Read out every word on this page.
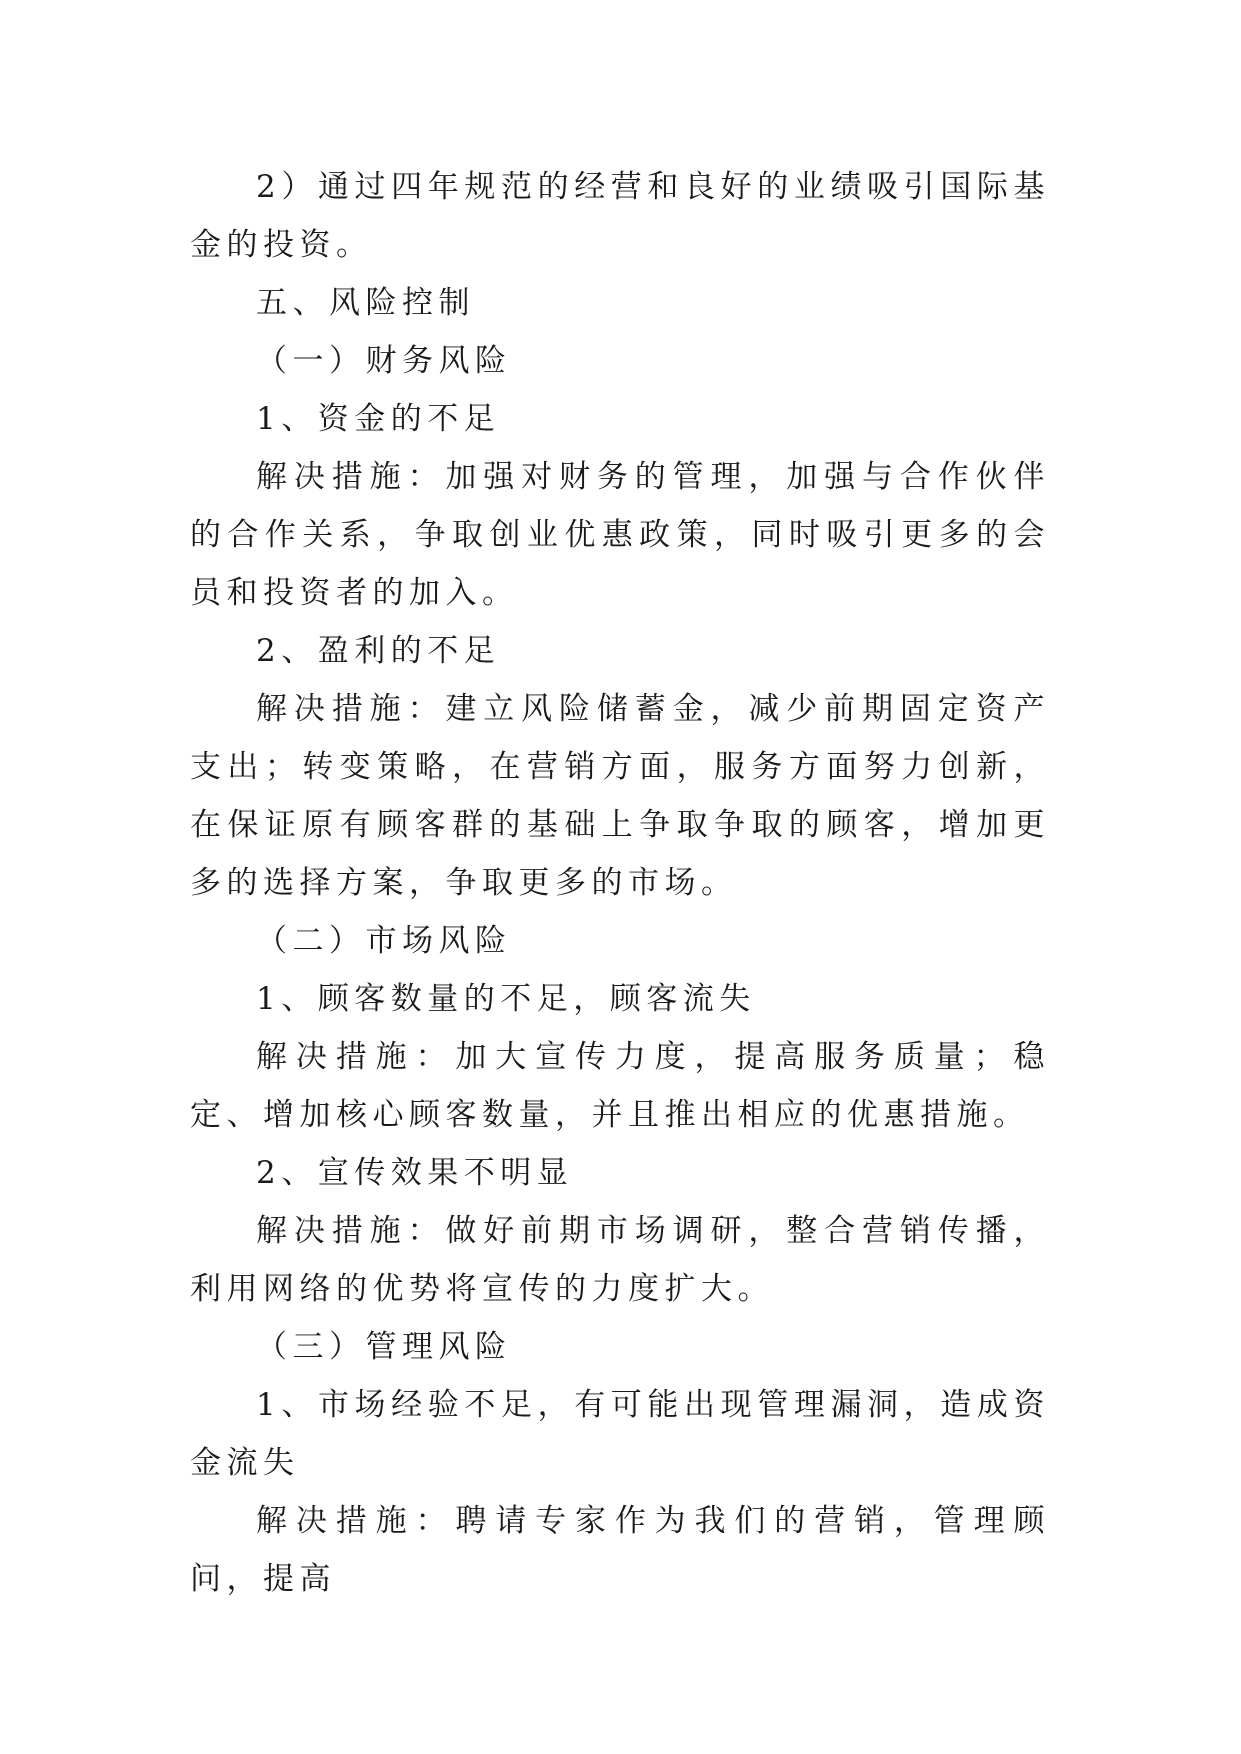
2）通过四年规范的经营和良好的业绩吸引国际基金的投资。

五、风险控制

（一）财务风险

1、资金的不足

解决措施：加强对财务的管理，加强与合作伙伴的合作关系，争取创业优惠政策，同时吸引更多的会员和投资者的加入。

2、盈利的不足

解决措施：建立风险储蓄金，减少前期固定资产支出；转变策略，在营销方面，服务方面努力创新，在保证原有顾客群的基础上争取争取的顾客，增加更多的选择方案，争取更多的市场。

（二）市场风险

1、顾客数量的不足，顾客流失

解决措施：加大宣传力度，提高服务质量；稳定、增加核心顾客数量，并且推出相应的优惠措施。

2、宣传效果不明显

解决措施：做好前期市场调研，整合营销传播，利用网络的优势将宣传的力度扩大。

（三）管理风险

1、市场经验不足，有可能出现管理漏洞，造成资金流失

解决措施：聘请专家作为我们的营销，管理顾问，提高
